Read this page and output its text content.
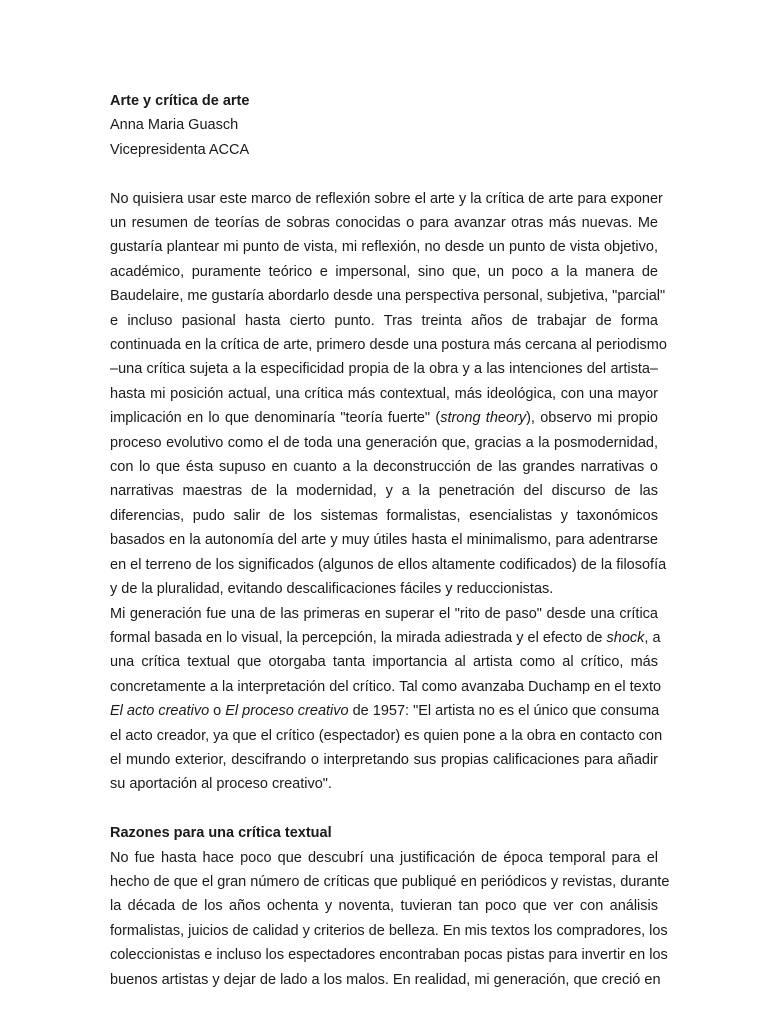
Arte y crítica de arte
Anna Maria Guasch
Vicepresidenta ACCA
No quisiera usar este marco de reflexión sobre el arte y la crítica de arte para exponer
un resumen de teorías de sobras conocidas o para avanzar otras más nuevas. Me
gustaría plantear mi punto de vista, mi reflexión, no desde un punto de vista objetivo,
académico, puramente teórico e impersonal, sino que, un poco a la manera de
Baudelaire, me gustaría abordarlo desde una perspectiva personal, subjetiva, "parcial"
e incluso pasional hasta cierto punto. Tras treinta años de trabajar de forma
continuada en la crítica de arte, primero desde una postura más cercana al periodismo
–una crítica sujeta a la especificidad propia de la obra y a las intenciones del artista–
hasta mi posición actual, una crítica más contextual, más ideológica, con una mayor
implicación en lo que denominaría "teoría fuerte" (strong theory), observo mi propio
proceso evolutivo como el de toda una generación que, gracias a la posmodernidad,
con lo que ésta supuso en cuanto a la deconstrucción de las grandes narrativas o
narrativas maestras de la modernidad, y a la penetración del discurso de las
diferencias, pudo salir de los sistemas formalistas, esencialistas y taxonómicos
basados en la autonomía del arte y muy útiles hasta el minimalismo, para adentrarse
en el terreno de los significados (algunos de ellos altamente codificados) de la filosofía
y de la pluralidad, evitando descalificaciones fáciles y reduccionistas.
Mi generación fue una de las primeras en superar el "rito de paso" desde una crítica
formal basada en lo visual, la percepción, la mirada adiestrada y el efecto de shock, a
una crítica textual que otorgaba tanta importancia al artista como al crítico, más
concretamente a la interpretación del crítico. Tal como avanzaba Duchamp en el texto
El acto creativo o El proceso creativo de 1957: "El artista no es el único que consuma
el acto creador, ya que el crítico (espectador) es quien pone a la obra en contacto con
el mundo exterior, descifrando o interpretando sus propias calificaciones para añadir
su aportación al proceso creativo".
Razones para una crítica textual
No fue hasta hace poco que descubrí una justificación de época temporal para el
hecho de que el gran número de críticas que publiqué en periódicos y revistas, durante
la década de los años ochenta y noventa, tuvieran tan poco que ver con análisis
formalistas, juicios de calidad y criterios de belleza. En mis textos los compradores, los
coleccionistas e incluso los espectadores encontraban pocas pistas para invertir en los
buenos artistas y dejar de lado a los malos. En realidad, mi generación, que creció en
